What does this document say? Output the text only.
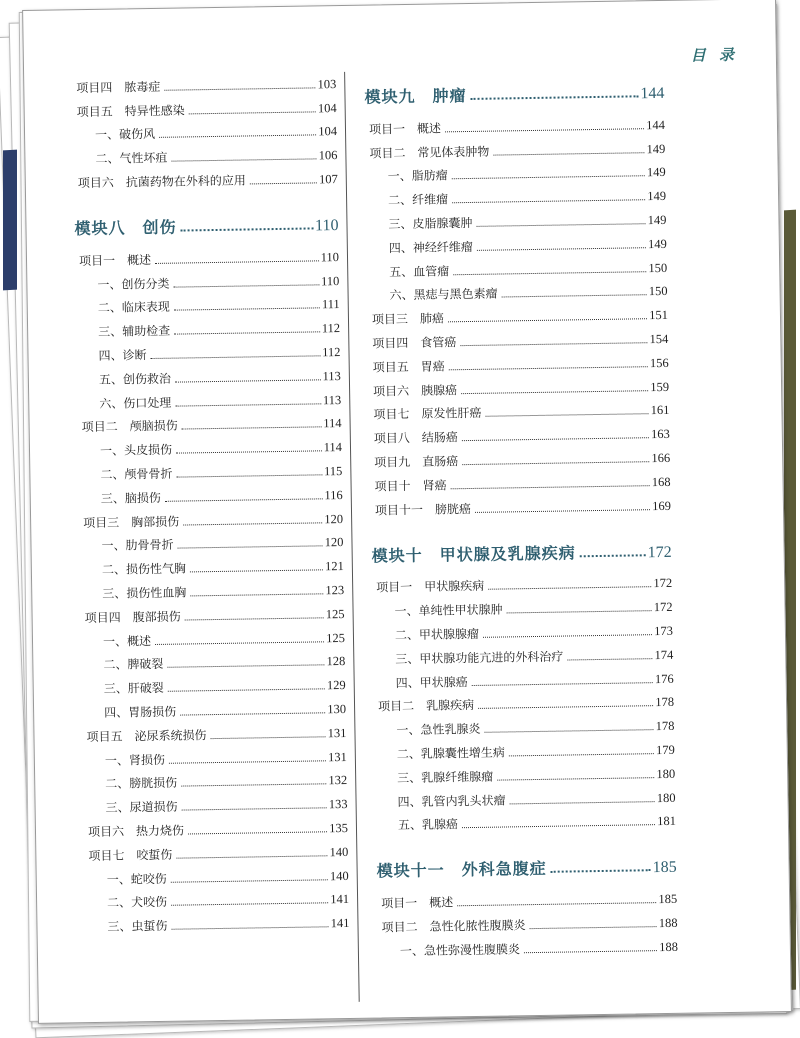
目 录
项目四　脓毒症	103
项目五　特异性感染	104
一、破伤风	104
二、气性坏疽	106
项目六　抗菌药物在外科的应用	107
模块八　创伤	110
项目一　概述	110
一、创伤分类	110
二、临床表现	111
三、辅助检查	112
四、诊断	112
五、创伤救治	113
六、伤口处理	113
项目二　颅脑损伤	114
一、头皮损伤	114
二、颅骨骨折	115
三、脑损伤	116
项目三　胸部损伤	120
一、肋骨骨折	120
二、损伤性气胸	121
三、损伤性血胸	123
项目四　腹部损伤	125
一、概述	125
二、脾破裂	128
三、肝破裂	129
四、胃肠损伤	130
项目五　泌尿系统损伤	131
一、肾损伤	131
二、膀胱损伤	132
三、尿道损伤	133
项目六　热力烧伤	135
项目七　咬蜇伤	140
一、蛇咬伤	140
二、犬咬伤	141
三、虫蜇伤	141
模块九　肿瘤	144
项目一　概述	144
项目二　常见体表肿物	149
一、脂肪瘤	149
二、纤维瘤	149
三、皮脂腺囊肿	149
四、神经纤维瘤	149
五、血管瘤	150
六、黑痣与黑色素瘤	150
项目三　肺癌	151
项目四　食管癌	154
项目五　胃癌	156
项目六　胰腺癌	159
项目七　原发性肝癌	161
项目八　结肠癌	163
项目九　直肠癌	166
项目十　肾癌	168
项目十一　膀胱癌	169
模块十　甲状腺及乳腺疾病	172
项目一　甲状腺疾病	172
一、单纯性甲状腺肿	172
二、甲状腺腺瘤	173
三、甲状腺功能亢进的外科治疗	174
四、甲状腺癌	176
项目二　乳腺疾病	178
一、急性乳腺炎	178
二、乳腺囊性增生病	179
三、乳腺纤维腺瘤	180
四、乳管内乳头状瘤	180
五、乳腺癌	181
模块十一　外科急腹症	185
项目一　概述	185
项目二　急性化脓性腹膜炎	188
一、急性弥漫性腹膜炎	188
